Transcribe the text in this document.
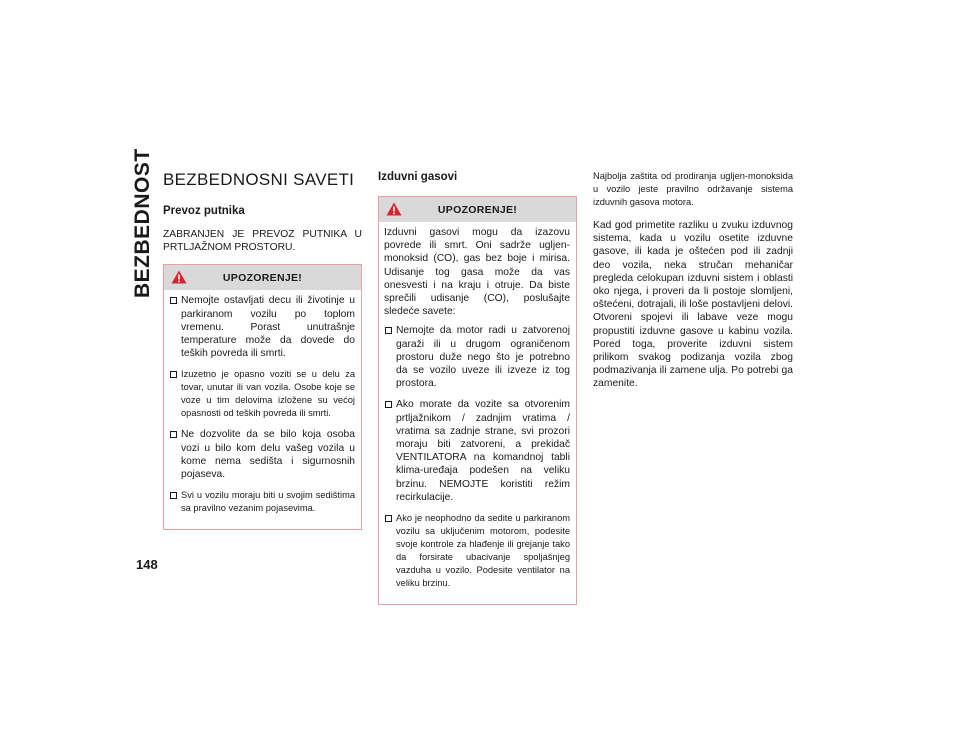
BEZBEDNOST
148
BEZBEDNOSNI SAVETI
Prevoz putnika

ZABRANJEN JE PREVOZ PUTNIKA U PRTLJAŽNOM PROSTORU.

UPOZORENJE!
Nemojte ostavljati decu ili životinje u parkiranom vozilu po toplom vremenu. Porast unutrašnje temperature može da dovede do teških povreda ili smrti.
Izuzetno je opasno voziti se u delu za tovar, unutar ili van vozila. Osobe koje se voze u tim delovima izložene su većoj opasnosti od teških povreda ili smrti.
Ne dozvolite da se bilo koja osoba vozi u bilo kom delu vašeg vozila u kome nema sedišta i sigurnosnih pojaseva.
Svi u vozilu moraju biti u svojim sedištima sa pravilno vezanim pojasevima.
Izduvni gasovi
UPOZORENJE!

Izduvni gasovi mogu da izazovu povrede ili smrt. Oni sadrže ugljen-monoksid (CO), gas bez boje i mirisa. Udisanje tog gasa može da vas onesvesti i na kraju i otruje. Da biste sprečili udisanje (CO), poslušajte sledeće savete:

Nemojte da motor radi u zatvorenoj garaži ili u drugom ograničenom prostoru duže nego što je potrebno da se vozilo uveze ili izveze iz tog prostora.
Ako morate da vozite sa otvorenim prtljažnikom / zadnjim vratima / vratima sa zadnje strane, svi prozori moraju biti zatvoreni, a prekidač VENTILATORA na komandnoj tabli klima-uređaja podešen na veliku brzinu. NEMOJTE koristiti režim recirkulacije.
Ako je neophodno da sedite u parkiranom vozilu sa uključenim motorom, podesite svoje kontrole za hlađenje ili grejanje tako da forsirate ubacivanje spoljašnjeg vazduha u vozilo. Podesite ventilator na veliku brzinu.

Najbolja zaštita od prodiranja ugljen-monoksida u vozilo jeste pravilno održavanje sistema izduvnih gasova motora.

Kad god primetite razliku u zvuku izduvnog sistema, kada u vozilu osetite izduvne gasove, ili kada je oštećen pod ili zadnji deo vozila, neka stručan mehaničar pregleda celokupan izduvni sistem i oblasti oko njega, i proveri da li postoje slomljeni, oštećeni, dotrajali, ili loše postavljeni delovi. Otvoreni spojevi ili labave veze mogu propustiti izduvne gasove u kabinu vozila. Pored toga, proverite izduvni sistem prilikom svakog podizanja vozila zbog podmazivanja ili zamene ulja. Po potrebi ga zamenite.
